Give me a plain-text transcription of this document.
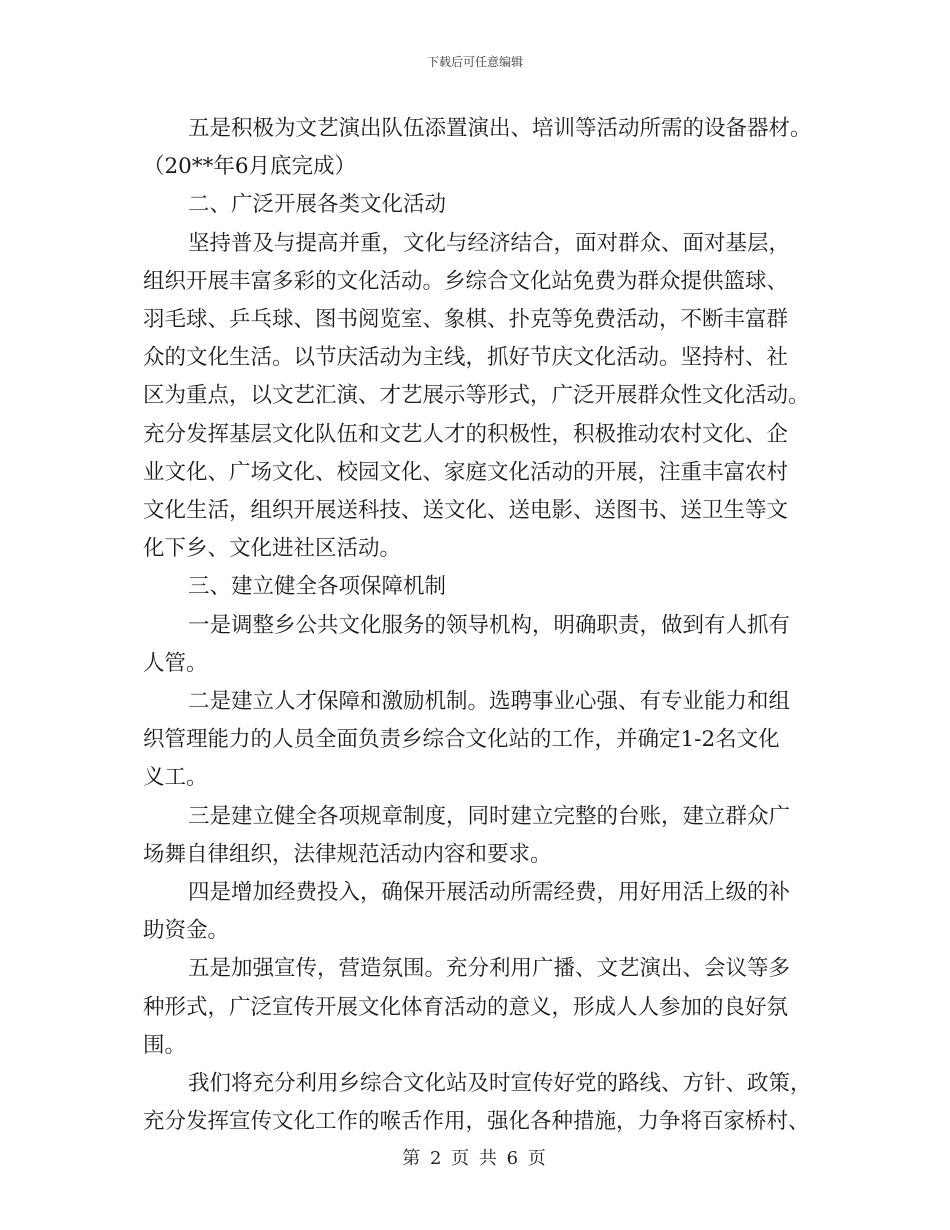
下载后可任意编辑
五是积极为文艺演出队伍添置演出、培训等活动所需的设备器材。
（20**年6月底完成）
二、广泛开展各类文化活动
坚持普及与提高并重，文化与经济结合，面对群众、面对基层，
组织开展丰富多彩的文化活动。乡综合文化站免费为群众提供篮球、
羽毛球、乒乓球、图书阅览室、象棋、扑克等免费活动，不断丰富群
众的文化生活。以节庆活动为主线，抓好节庆文化活动。坚持村、社
区为重点，以文艺汇演、才艺展示等形式，广泛开展群众性文化活动。
充分发挥基层文化队伍和文艺人才的积极性，积极推动农村文化、企
业文化、广场文化、校园文化、家庭文化活动的开展，注重丰富农村
文化生活，组织开展送科技、送文化、送电影、送图书、送卫生等文
化下乡、文化进社区活动。
三、建立健全各项保障机制
一是调整乡公共文化服务的领导机构，明确职责，做到有人抓有
人管。
二是建立人才保障和激励机制。选聘事业心强、有专业能力和组
织管理能力的人员全面负责乡综合文化站的工作，并确定1-2名文化
义工。
三是建立健全各项规章制度，同时建立完整的台账，建立群众广
场舞自律组织，法律规范活动内容和要求。
四是增加经费投入，确保开展活动所需经费，用好用活上级的补
助资金。
五是加强宣传，营造氛围。充分利用广播、文艺演出、会议等多
种形式，广泛宣传开展文化体育活动的意义，形成人人参加的良好氛
围。
我们将充分利用乡综合文化站及时宣传好党的路线、方针、政策，
充分发挥宣传文化工作的喉舌作用，强化各种措施，力争将百家桥村、
第 2 页 共 6 页
